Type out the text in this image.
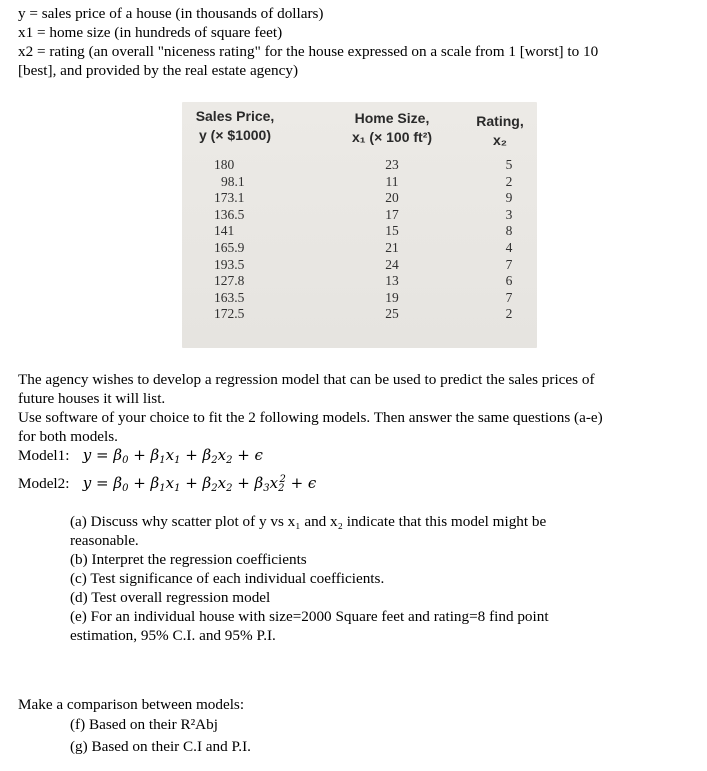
y = sales price of a house (in thousands of dollars)
x1 = home size (in hundreds of square feet)
x2 = rating (an overall "niceness rating" for the house expressed on a scale from 1 [worst] to 10
[best], and provided by the real estate agency)
Sales Price,
y (× $1000)
Home Size,
x₁ (× 100 ft²)
Rating,
x₂
180
98.1
173.1
136.5
141
165.9
193.5
127.8
163.5
172.5
23
11
20
17
15
21
24
13
19
25
5
2
9
3
8
4
7
6
7
2
The agency wishes to develop a regression model that can be used to predict the sales prices of
future houses it will list.
Use software of your choice to fit the 2 following models. Then answer the same questions (a-e)
for both models.
Model1:   $y = \beta_0 + \beta_1x_1 + \beta_2x_2 + \epsilon$
Model2:   $y = \beta_0 + \beta_1x_1 + \beta_2x_2 + \beta_3x_2^2 + \epsilon$
(a) Discuss why scatter plot of y vs x₁ and x₂ indicate that this model might be
reasonable.
(b) Interpret the regression coefficients
(c) Test significance of each individual coefficients.
(d) Test overall regression model
(e) For an individual house with size=2000 Square feet and rating=8 find point
estimation, 95% C.I. and 95% P.I.
Make a comparison between models:
(f) Based on their R²Abj
(g) Based on their C.I and P.I.
